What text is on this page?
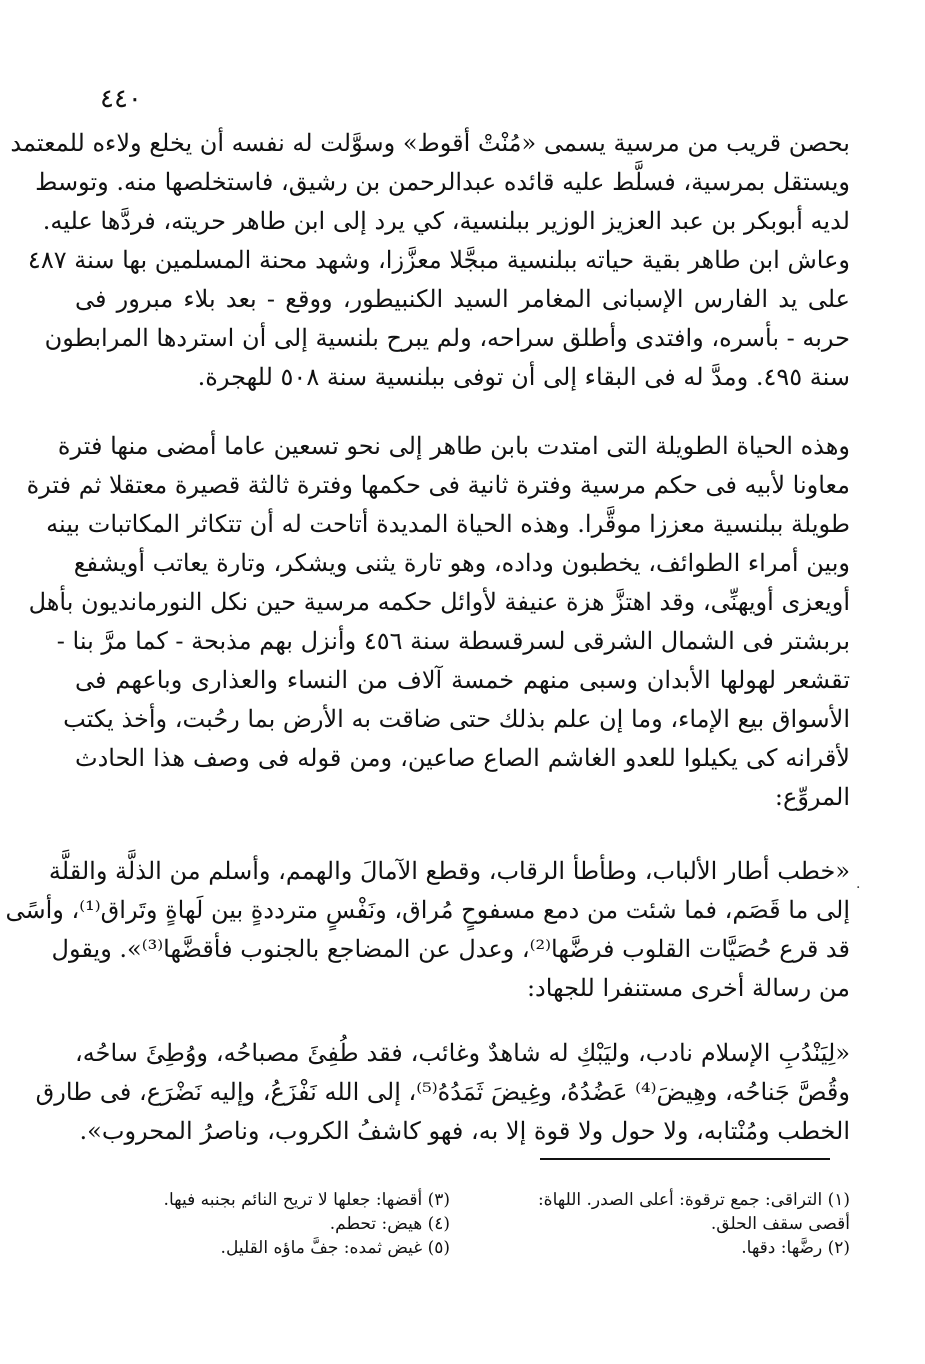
٤٤٠
بحصن قريب من مرسية يسمى «مُنْتْ أقوط» وسوَّلت له نفسه أن يخلع ولاءه للمعتمد
ويستقل بمرسية، فسلَّط عليه قائده عبدالرحمن بن رشيق، فاستخلصها منه. وتوسط
لديه أبوبكر بن عبد العزيز الوزير ببلنسية، كي يرد إلى ابن طاهر حريته، فردَّها عليه.
وعاش ابن طاهر بقية حياته ببلنسية مبجَّلا معزَّزا، وشهد محنة المسلمين بها سنة ٤٨٧
على يد الفارس الإسبانى المغامر السيد الكنبيطور، ووقع - بعد بلاء مبرور فى
حربه - بأسره، وافتدى وأطلق سراحه، ولم يبرح بلنسية إلى أن استردها المرابطون
سنة ٤٩٥. ومدَّ له فى البقاء إلى أن توفى ببلنسية سنة ٥٠٨ للهجرة.
وهذه الحياة الطويلة التى امتدت بابن طاهر إلى نحو تسعين عاما أمضى منها فترة
معاونا لأبيه فى حكم مرسية وفترة ثانية فى حكمها وفترة ثالثة قصيرة معتقلا ثم فترة
طويلة ببلنسية معززا موقَّرا. وهذه الحياة المديدة أتاحت له أن تتكاثر المكاتبات بينه
وبين أمراء الطوائف، يخطبون وداده، وهو تارة يثنى ويشكر، وتارة يعاتب أويشفع
أويعزى أويهنِّى، وقد اهتزَّ هزة عنيفة لأوائل حكمه مرسية حين نكل النورمانديون بأهل
بربشتر فى الشمال الشرقى لسرقسطة سنة ٤٥٦ وأنزل بهم مذبحة - كما مرَّ بنا -
تقشعر لهولها الأبدان وسبى منهم خمسة آلاف من النساء والعذارى وباعهم فى
الأسواق بيع الإماء، وما إن علم بذلك حتى ضاقت به الأرض بما رحُبت، وأخذ يكتب
لأقرانه كى يكيلوا للعدو الغاشم الصاع صاعين، ومن قوله فى وصف هذا الحادث
المروِّع:
«خطب أطار الألباب، وطأطأ الرقاب، وقطع الآمالَ والهمم، وأسلم من الذلَّة والقلَّة
إلى ما قَصَم، فما شئت من دمع مسفوحٍ مُراق، ونَفْسٍ مترددةٍ بين لَهاةٍ وتَراق⁽¹⁾، وأسًى
قد قرع حُصَيَّات القلوب فرضَّها⁽²⁾، وعدل عن المضاجع بالجنوب فأقضَّها⁽³⁾». ويقول
من رسالة أخرى مستنفرا للجهاد:
«لِيَنْدُبِ الإسلام نادب، وليَبْكِ له شاهدٌ وغائب، فقد طُفِئَ مصباحُه، ووُطِئَ ساحُه،
وقُصَّ جَناحُه، وهِيضَ⁽⁴⁾ عَضُدُهُ، وغِيضَ ثَمَدُهُ⁽⁵⁾، إلى الله نَفْزَعُ، وإليه نَضْرَع، فى طارق
الخطب ومُنْتابه، ولا حول ولا قوة إلا به، فهو كاشفُ الكروب، وناصرُ المحروب».
·
(١) التراقى: جمع ترقوة: أعلى الصدر. اللهاة:
أقصى سقف الحلق.
(٢) رضَّها: دقها.
(٣) أقضها: جعلها لا تريح النائم بجنبه فيها.
(٤) هيض: تحطم.
(٥) غيض ثمده: جفَّ ماؤه القليل.
